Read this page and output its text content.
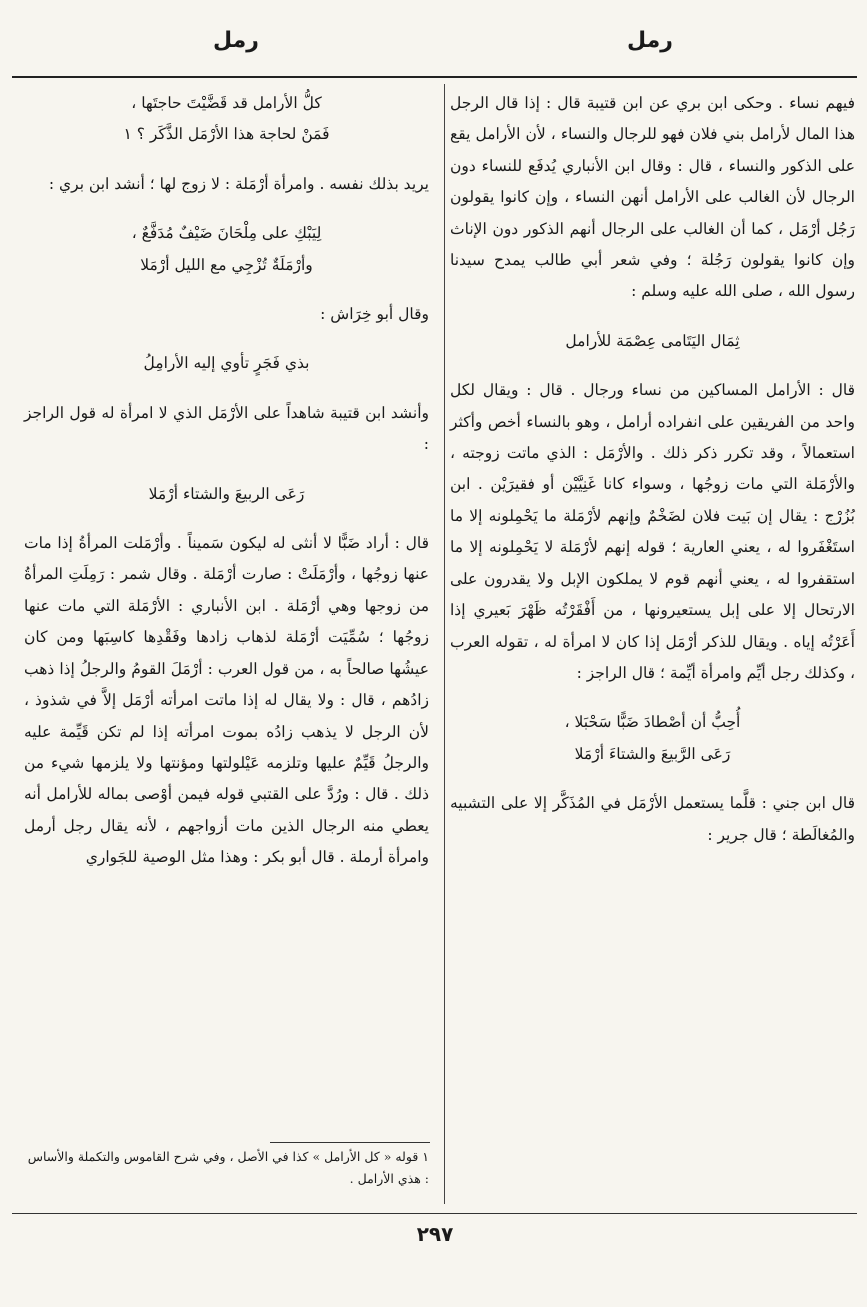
رمل
رمل

فيهم نساء . وحكى ابن بري عن ابن قتيبة قال : إذا قال الرجل هذا المال لأرامل بني فلان فهو للرجال والنساء ، لأن الأرامل يقع على الذكور والنساء ، قال : وقال ابن الأنباري يُدفَع للنساء دون الرجال لأن الغالب على الأرامل أنهن النساء ، وإن كانوا يقولون رَجُل أرْمَل ، كما أن الغالب على الرجال أنهم الذكور دون الإناث وإن كانوا يقولون رَجُلة ؛ وفي شعر أبي طالب يمدح سيدنا رسول الله ، صلى الله عليه وسلم :

ثِمَال اليَتَامى عِصْمَة للأرامل

قال : الأرامل المساكين من نساء ورجال . قال : ويقال لكل واحد من الفريقين على انفراده أرامل ، وهو بالنساء أخص وأكثر استعمالاً ، وقد تكرر ذكر ذلك . والأرْمَل : الذي ماتت زوجته ، والأرْمَلة التي مات زوجُها ، وسواء كانا غَنِيَّيْن أو فقيرَيْن . ابن بُزُرْج : يقال إن بَيت فلان لضَخْمٌ وإنهم لأرْمَلة ما يَحْمِلونه إلا ما استَغْفَروا له ، يعني العارية ؛ قوله إنهم لأرْمَلة لا يَحْمِلونه إلا ما استقفروا له ، يعني أنهم قوم لا يملكون الإبل ولا يقدرون على الارتحال إلا على إبل يستعيرونها ، من أَفْقَرْتُه ظَهْرَ بَعيري إذا أَعَرْتُه إياه . ويقال للذكر أرْمَل إذا كان لا امرأة له ، تقوله العرب ، وكذلك رجل أيِّم وامرأة أيِّمة ؛ قال الراجز :

أُحِبُّ أن أصْطادَ ضَبًّا سَحْبَلا ،

رَعَى الرَّبيعَ والشتاءَ أرْمَلا

قال ابن جني : قلَّما يستعمل الأرْمَل في المُذَكَّر إلا على التشبيه والمُغالَطة ؛ قال جرير :

كلُّ الأرامل قد قَضَّيْتَ حاجتَها ،

فَمَنْ لحاجة هذا الأرْمَل الذَّكَر ؟ ١

يريد بذلك نفسه . وامرأة أرْمَلة : لا زوج لها ؛ أنشد ابن بري :

لِيَبْكِ على مِلْحَانَ ضَيْفٌ مُدَفَّعٌ ،

وأرْمَلَةٌ تُزْجِي مع الليل أرْمَلا

وقال أبو خِرَاش :

بذي فَجَرٍ تأوي إليه الأرامِلُ

وأنشد ابن قتيبة شاهداً على الأرْمَل الذي لا امرأة له قول الراجز :

رَعَى الربيعَ والشتاء أرْمَلا

قال : أراد ضَبًّا لا أنثى له ليكون سَميناً . وأرْمَلت المرأةُ إذا مات عنها زوجُها ، وأرْمَلَتْ : صارت أرْمَلة . وقال شمر : رَمِلَتِ المرأةُ من زوجها وهي أرْمَلة . ابن الأنباري : الأرْمَلة التي مات عنها زوجُها ؛ سُمِّيَت أرْمَلة لذهاب زادها وفَقْدِها كاسِبَها ومن كان عيشُها صالحاً به ، من قول العرب : أرْمَلَ القومُ والرجلُ إذا ذهب زادُهم ، قال : ولا يقال له إذا ماتت امرأته أرْمَل إلاَّ في شذوذ ، لأن الرجل لا يذهب زادُه بموت امرأته إذا لم تكن قَيِّمة عليه والرجلُ قَيِّمٌ عليها وتلزمه عَيْلولتها ومؤنتها ولا يلزمها شيء من ذلك . قال : ورُدَّ على القتبي قوله فيمن أوْصى بماله للأرامل أنه يعطي منه الرجال الذين مات أزواجهم ، لأنه يقال رجل أرمل وامرأة أرملة . قال أبو بكر : وهذا مثل الوصية للجَواري

١ قوله « كل الأرامل » كذا في الأصل ، وفي شرح القاموس والتكملة والأساس : هذي الأرامل .
٢٩٧
